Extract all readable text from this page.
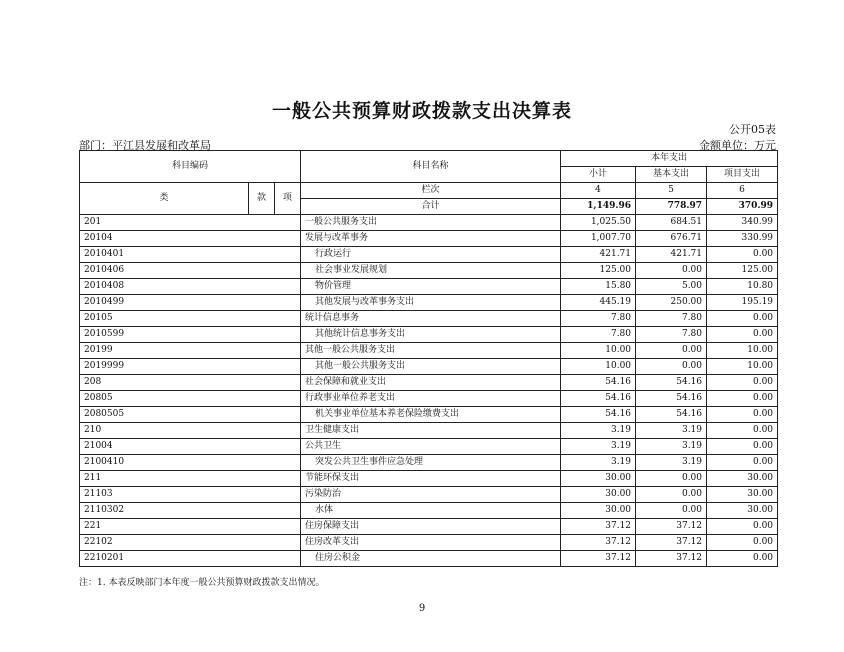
一般公共预算财政拨款支出决算表
公开05表
部门：平江县发展和改革局	金额单位：万元
科目编码			科目名称	本年支出		
				小计	基本支出	项目支出
类	款	项	栏次	4	5	6
			合计	1,149.96	778.97	370.99
201			一般公共服务支出	1,025.50	684.51	340.99
20104			发展与改革事务	1,007.70	676.71	330.99
2010401			行政运行	421.71	421.71	0.00
2010406			社会事业发展规划	125.00	0.00	125.00
2010408			物价管理	15.80	5.00	10.80
2010499			其他发展与改革事务支出	445.19	250.00	195.19
20105			统计信息事务	7.80	7.80	0.00
2010599			其他统计信息事务支出	7.80	7.80	0.00
20199			其他一般公共服务支出	10.00	0.00	10.00
2019999			其他一般公共服务支出	10.00	0.00	10.00
208			社会保障和就业支出	54.16	54.16	0.00
20805			行政事业单位养老支出	54.16	54.16	0.00
2080505			机关事业单位基本养老保险缴费支出	54.16	54.16	0.00
210			卫生健康支出	3.19	3.19	0.00
21004			公共卫生	3.19	3.19	0.00
2100410			突发公共卫生事件应急处理	3.19	3.19	0.00
211			节能环保支出	30.00	0.00	30.00
21103			污染防治	30.00	0.00	30.00
2110302			水体	30.00	0.00	30.00
221			住房保障支出	37.12	37.12	0.00
22102			住房改革支出	37.12	37.12	0.00
2210201			住房公积金	37.12	37.12	0.00
注：1. 本表反映部门本年度一般公共预算财政拨款支出情况。
9
